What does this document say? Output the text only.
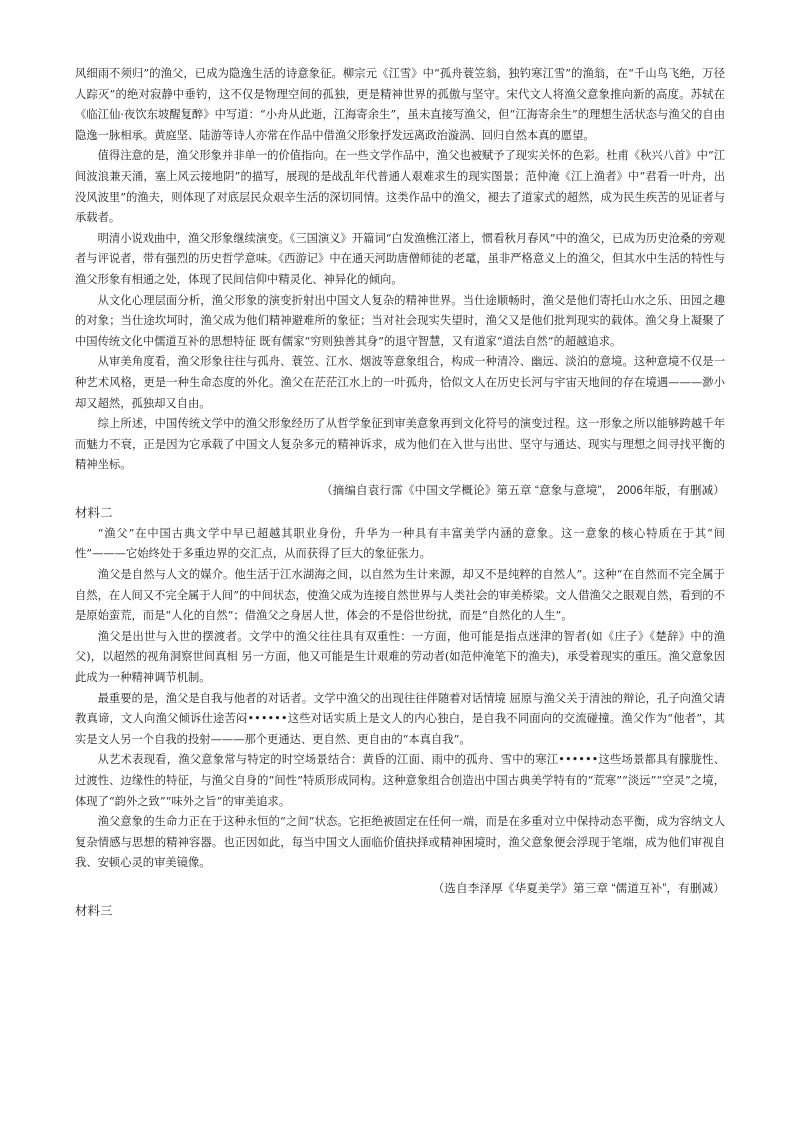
风细雨不须归”的渔父，已成为隐逸生活的诗意象征。柳宗元《江雪》中“孤舟蓑笠翁，独钓寒江雪”的渔翁，在“千山鸟飞绝，万径人踪灭”的绝对寂静中垂钓，这不仅是物理空间的孤独，更是精神世界的孤傲与坚守。宋代文人将渔父意象推向新的高度。苏轼在《临江仙·夜饮东坡醒复醉》中写道：“小舟从此逝，江海寄余生”，虽未直接写渔父，但“江海寄余生”的理想生活状态与渔父的自由隐逸一脉相承。黄庭坚、陆游等诗人亦常在作品中借渔父形象抒发远离政治漩涡、回归自然本真的愿望。

值得注意的是，渔父形象并非单一的价值指向。在一些文学作品中，渔父也被赋予了现实关怀的色彩。杜甫《秋兴八首》中“江间波浪兼天涌，塞上风云接地阴”的描写，展现的是战乱年代普通人艰难求生的现实图景；范仲淹《江上渔者》中“君看一叶舟，出没风波里”的渔夫，则体现了对底层民众艰辛生活的深切同情。这类作品中的渔父，褪去了道家式的超然，成为民生疾苦的见证者与承载者。

明清小说戏曲中，渔父形象继续演变。《三国演义》开篇词“白发渔樵江渚上，惯看秋月春风”中的渔父，已成为历史沧桑的旁观者与评说者，带有强烈的历史哲学意味。《西游记》中在通天河助唐僧师徒的老鼋，虽非严格意义上的渔父，但其水中生活的特性与渔父形象有相通之处，体现了民间信仰中精灵化、神异化的倾向。

从文化心理层面分析，渔父形象的演变折射出中国文人复杂的精神世界。当仕途顺畅时，渔父是他们寄托山水之乐、田园之趣的对象；当仕途坎坷时，渔父成为他们精神避难所的象征；当对社会现实失望时，渔父又是他们批判现实的载体。渔父身上凝聚了中国传统文化中儒道互补的思想特征 既有儒家“穷则独善其身”的退守智慧，又有道家“道法自然”的超越追求。

从审美角度看，渔父形象往往与孤舟、蓑笠、江水、烟波等意象组合，构成一种清冷、幽远、淡泊的意境。这种意境不仅是一种艺术风格，更是一种生命态度的外化。渔父在茫茫江水上的一叶孤舟，恰似文人在历史长河与宇宙天地间的存在境遇———渺小却又超然，孤独却又自由。

综上所述，中国传统文学中的渔父形象经历了从哲学象征到审美意象再到文化符号的演变过程。这一形象之所以能够跨越千年而魅力不衰，正是因为它承载了中国文人复杂多元的精神诉求，成为他们在入世与出世、坚守与通达、现实与理想之间寻找平衡的精神坐标。

（摘编自袁行霈《中国文学概论》第五章 “意象与意境”， 2006年版，有删减）

材料二

“渔父”在中国古典文学中早已超越其职业身份，升华为一种具有丰富美学内涵的意象。这一意象的核心特质在于其“间性”———它始终处于多重边界的交汇点，从而获得了巨大的象征张力。

渔父是自然与人文的媒介。他生活于江水湖海之间，以自然为生计来源，却又不是纯粹的自然人”。这种“在自然而不完全属于自然，在人间又不完全属于人间”的中间状态，使渔父成为连接自然世界与人类社会的审美桥梁。文人借渔父之眼观自然，看到的不是原始蛮荒，而是“人化的自然”；借渔父之身居人世，体会的不是俗世纷扰，而是“自然化的人生”。

渔父是出世与入世的摆渡者。文学中的渔父往往具有双重性：一方面，他可能是指点迷津的智者(如《庄子》《楚辞》中的渔父)，以超然的视角洞察世间真相 另一方面，他又可能是生计艰难的劳动者(如范仲淹笔下的渔夫)，承受着现实的重压。渔父意象因此成为一种精神调节机制。

最重要的是，渔父是自我与他者的对话者。文学中渔父的出现往往伴随着对话情境 屈原与渔父关于清浊的辩论，孔子向渔父请教真谛，文人向渔父倾诉仕途苦闷••••••这些对话实质上是文人的内心独白，是自我不同面向的交流碰撞。渔父作为“他者”，其实是文人另一个自我的投射———那个更通达、更自然、更自由的“本真自我”。

从艺术表现看，渔父意象常与特定的时空场景结合：黄昏的江面、雨中的孤舟、雪中的寒江••••••这些场景都具有朦胧性、过渡性、边缘性的特征，与渔父自身的“间性”特质形成同构。这种意象组合创造出中国古典美学特有的“荒寒”“淡远”“空灵”之境，体现了“韵外之致”“味外之旨”的审美追求。

渔父意象的生命力正在于这种永恒的“之间”状态。它拒绝被固定在任何一端，而是在多重对立中保持动态平衡，成为容纳文人复杂情感与思想的精神容器。也正因如此，每当中国文人面临价值抉择或精神困境时，渔父意象便会浮现于笔端，成为他们审视自我、安顿心灵的审美镜像。

（选自李泽厚《华夏美学》第三章 “儒道互补”，有删减）

材料三
